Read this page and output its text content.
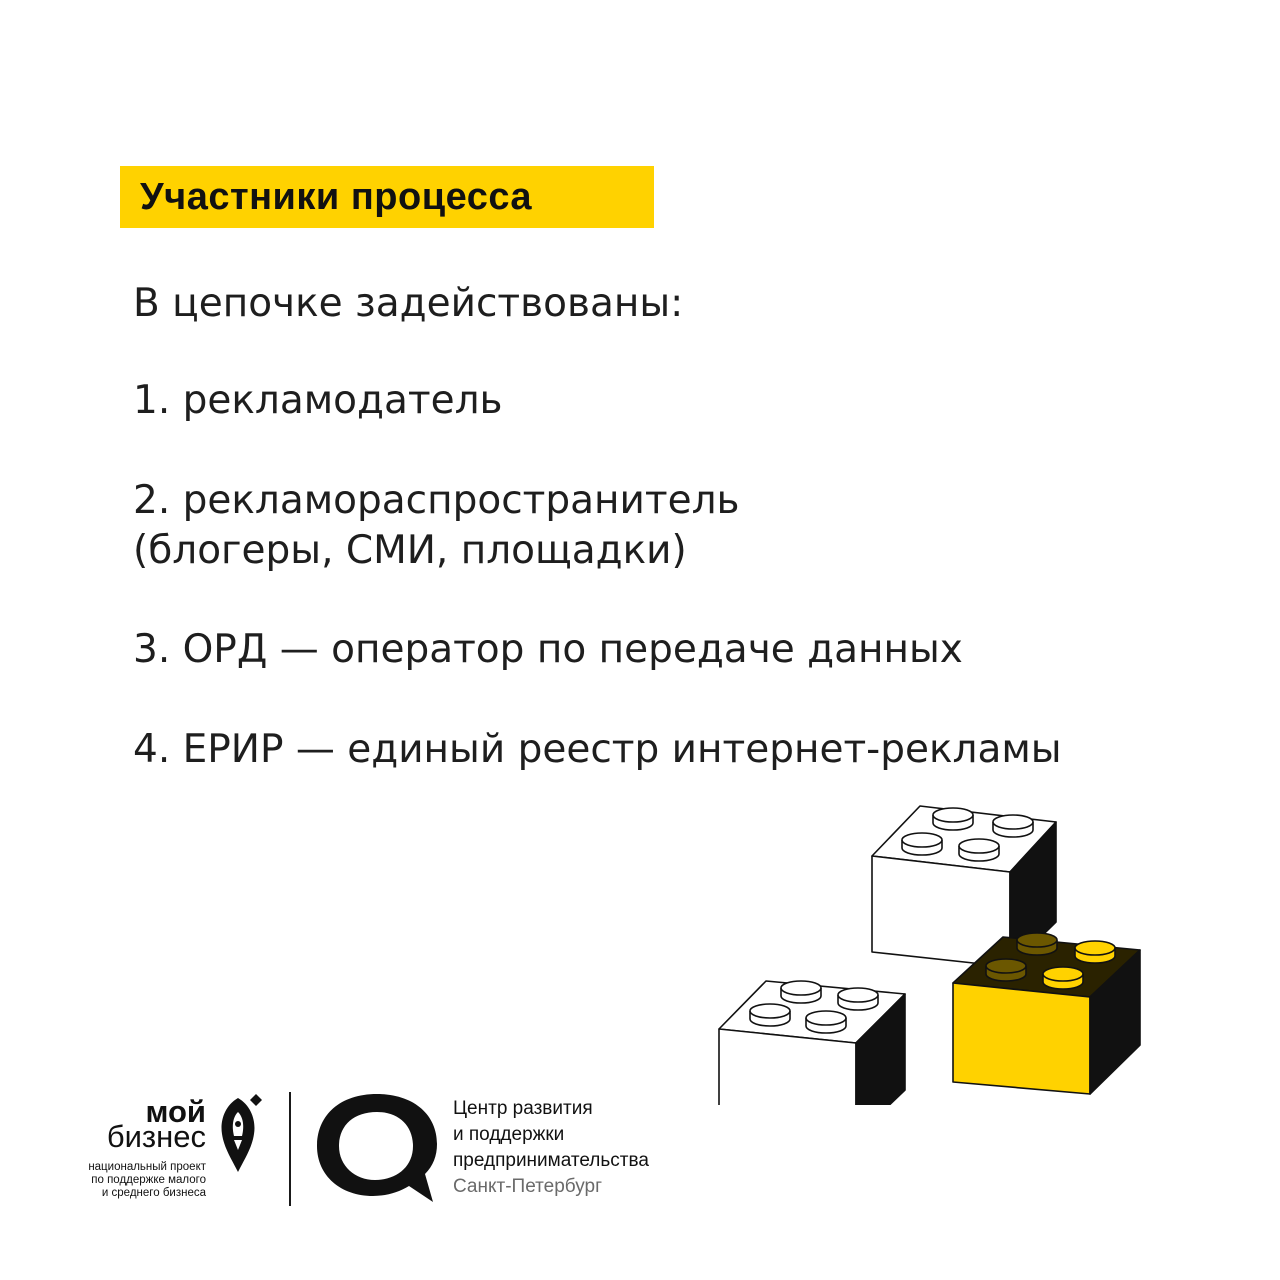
Участники процесса
В цепочке задействованы:
1. рекламодатель
2. рекламораспространитель
(блогеры, СМИ, площадки)
3. ОРД — оператор по передаче данных
4. ЕРИР — единый реестр интернет-рекламы
мой
бизнес
национальный проект
по поддержке малого
и среднего бизнеса
Центр развития
и поддержки
предпринимательства
Санкт-Петербург
